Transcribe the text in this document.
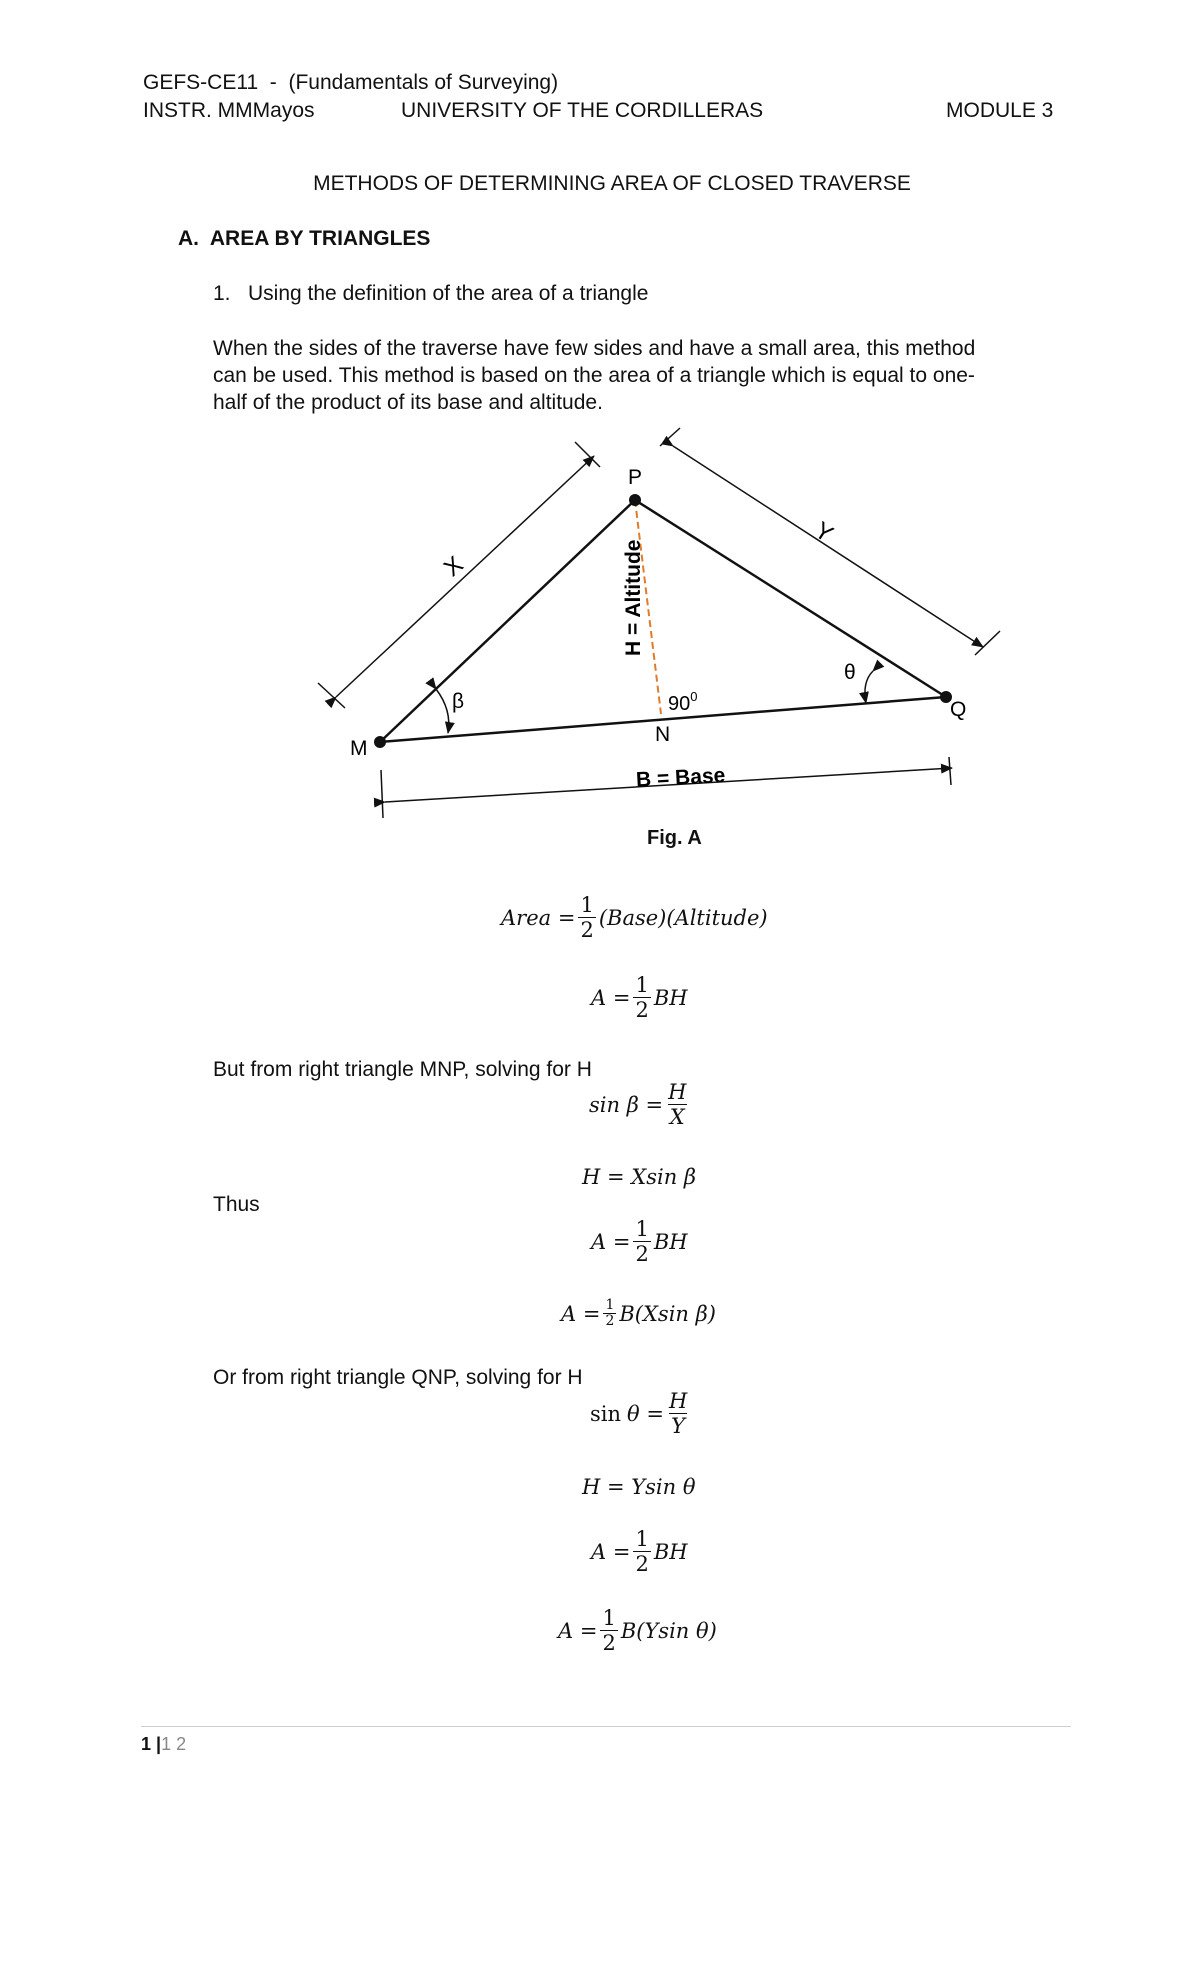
GEFS-CE11  -  (Fundamentals of Surveying)
INSTR. MMMayos	UNIVERSITY OF THE CORDILLERAS	MODULE 3
METHODS OF DETERMINING AREA OF CLOSED TRAVERSE
A.  AREA BY TRIANGLES
1.   Using the definition of the area of a triangle
When the sides of the traverse have few sides and have a small area, this method
can be used. This method is based on the area of a triangle which is equal to one-
half of the product of its base and altitude.
P
M
Q
N
X
Y
β
θ
$90^0$
H = Altitude
B = Base
Fig. A
Area = $\frac{1}{2}$ (Base)(Altitude)
$A = \frac{1}{2}$ BH
But from right triangle MNP, solving for H
$\sin \beta = \frac{H}{X}$
H = Xsin β
Thus
$A = \frac{1}{2}$ BH
$A = \frac{1}{2} B(Xsin$ β)
Or from right triangle QNP, solving for H
$\sin \theta = \frac{H}{Y}$
H = Ysin θ
$A = \frac{1}{2}$ BH
$A = \frac{1}{2} B(Ysin$ θ)
1 |1 2
